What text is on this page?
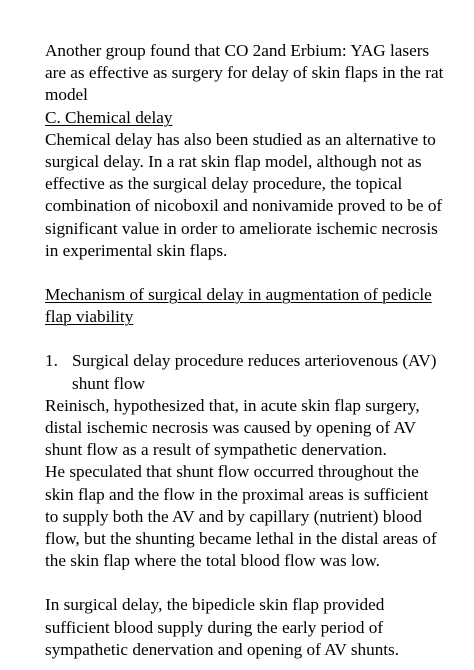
Another group found that CO 2and Erbium: YAG lasers are as effective as surgery for delay of skin flaps in the rat model

C. Chemical delay

Chemical delay has also been studied as an alternative to surgical delay. In a rat skin flap model, although not as effective as the surgical delay procedure, the topical combination of nicoboxil and nonivamide proved to be of significant value in order to ameliorate ischemic necrosis in experimental skin flaps.

Mechanism of surgical delay in augmentation of pedicle flap viability

1. Surgical delay procedure reduces arteriovenous (AV) shunt flow

Reinisch, hypothesized that, in acute skin flap surgery, distal ischemic necrosis was caused by opening of AV shunt flow as a result of sympathetic denervation.

He speculated that shunt flow occurred throughout the skin flap and the flow in the proximal areas is sufficient to supply both the AV and by capillary (nutrient) blood flow, but the shunting became lethal in the distal areas of the skin flap where the total blood flow was low.

In surgical delay, the bipedicle skin flap provided sufficient blood supply during the early period of sympathetic denervation and opening of AV shunts.
